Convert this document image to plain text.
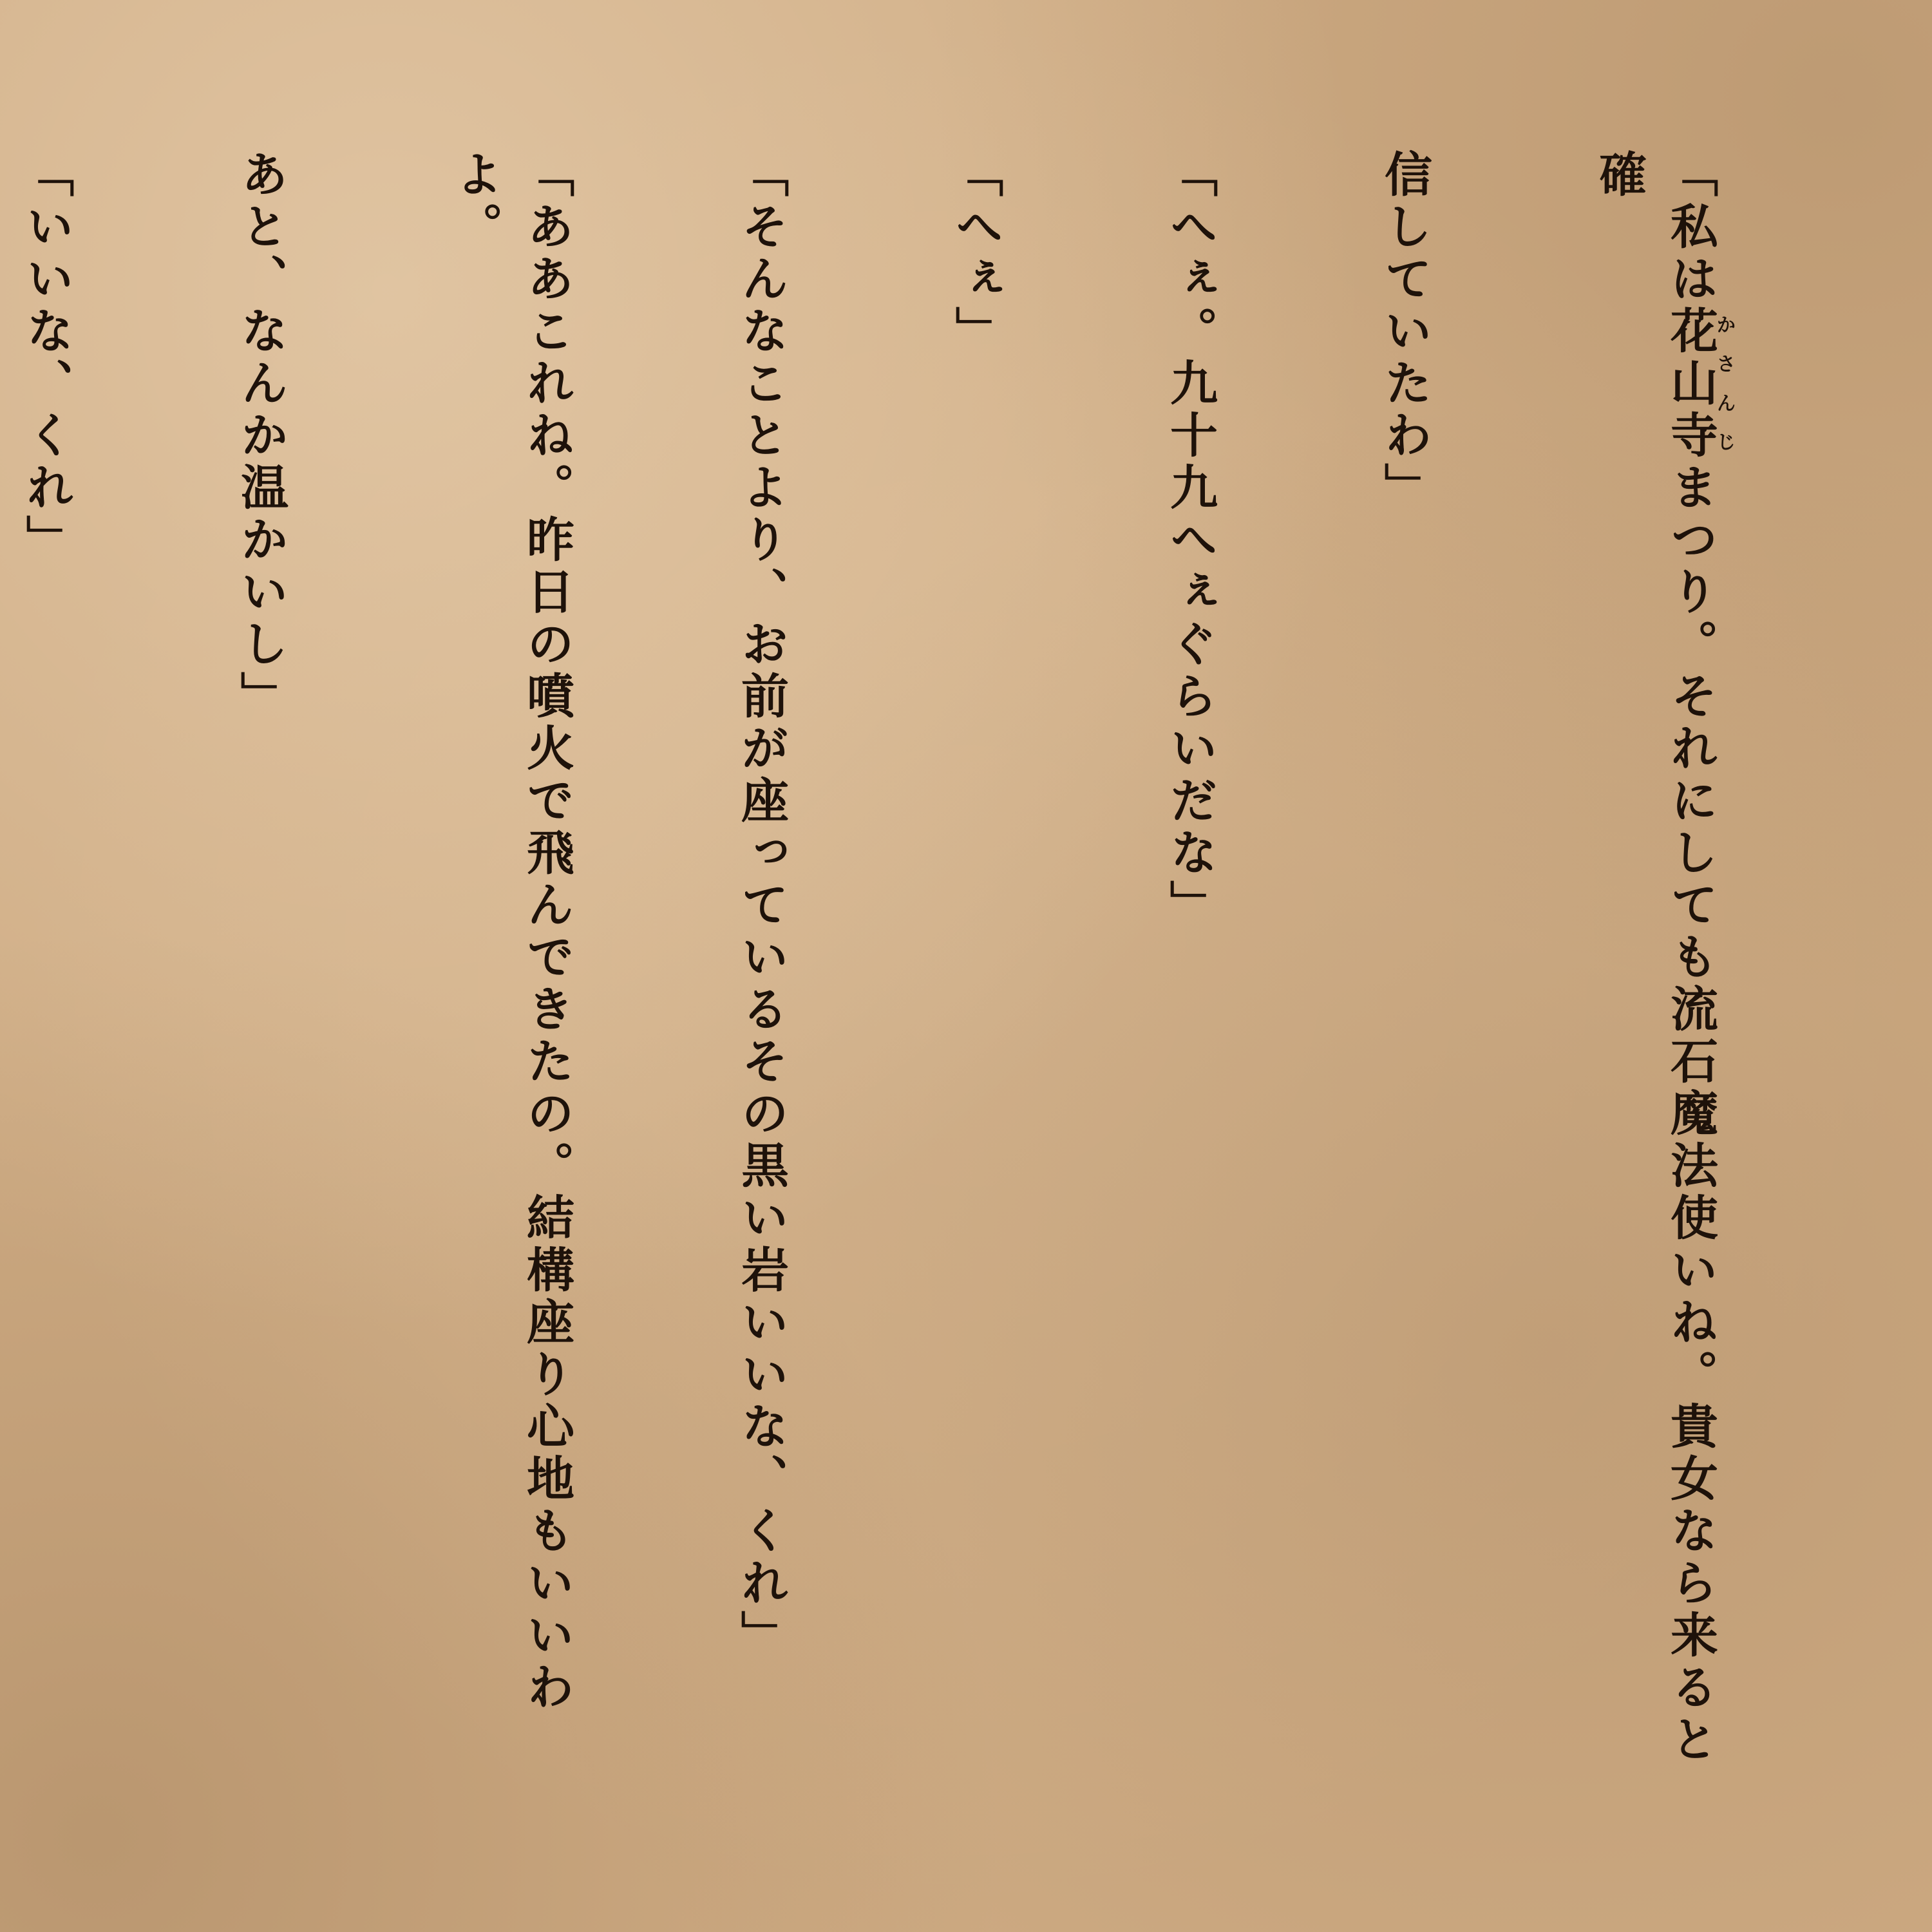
「私は花山寺かさんじまつり。それにしても流石魔法使いね。貴女なら来ると確

信していたわ」

「へぇ。九十九へぇぐらいだな」

「へぇ」

「そんなことより、お前が座っているその黒い岩いいな、くれ」

「ああこれね。昨日の噴火で飛んできたの。結構座り心地もいいわよ。

あと、なんか温かいし」

「いいな、くれ」
